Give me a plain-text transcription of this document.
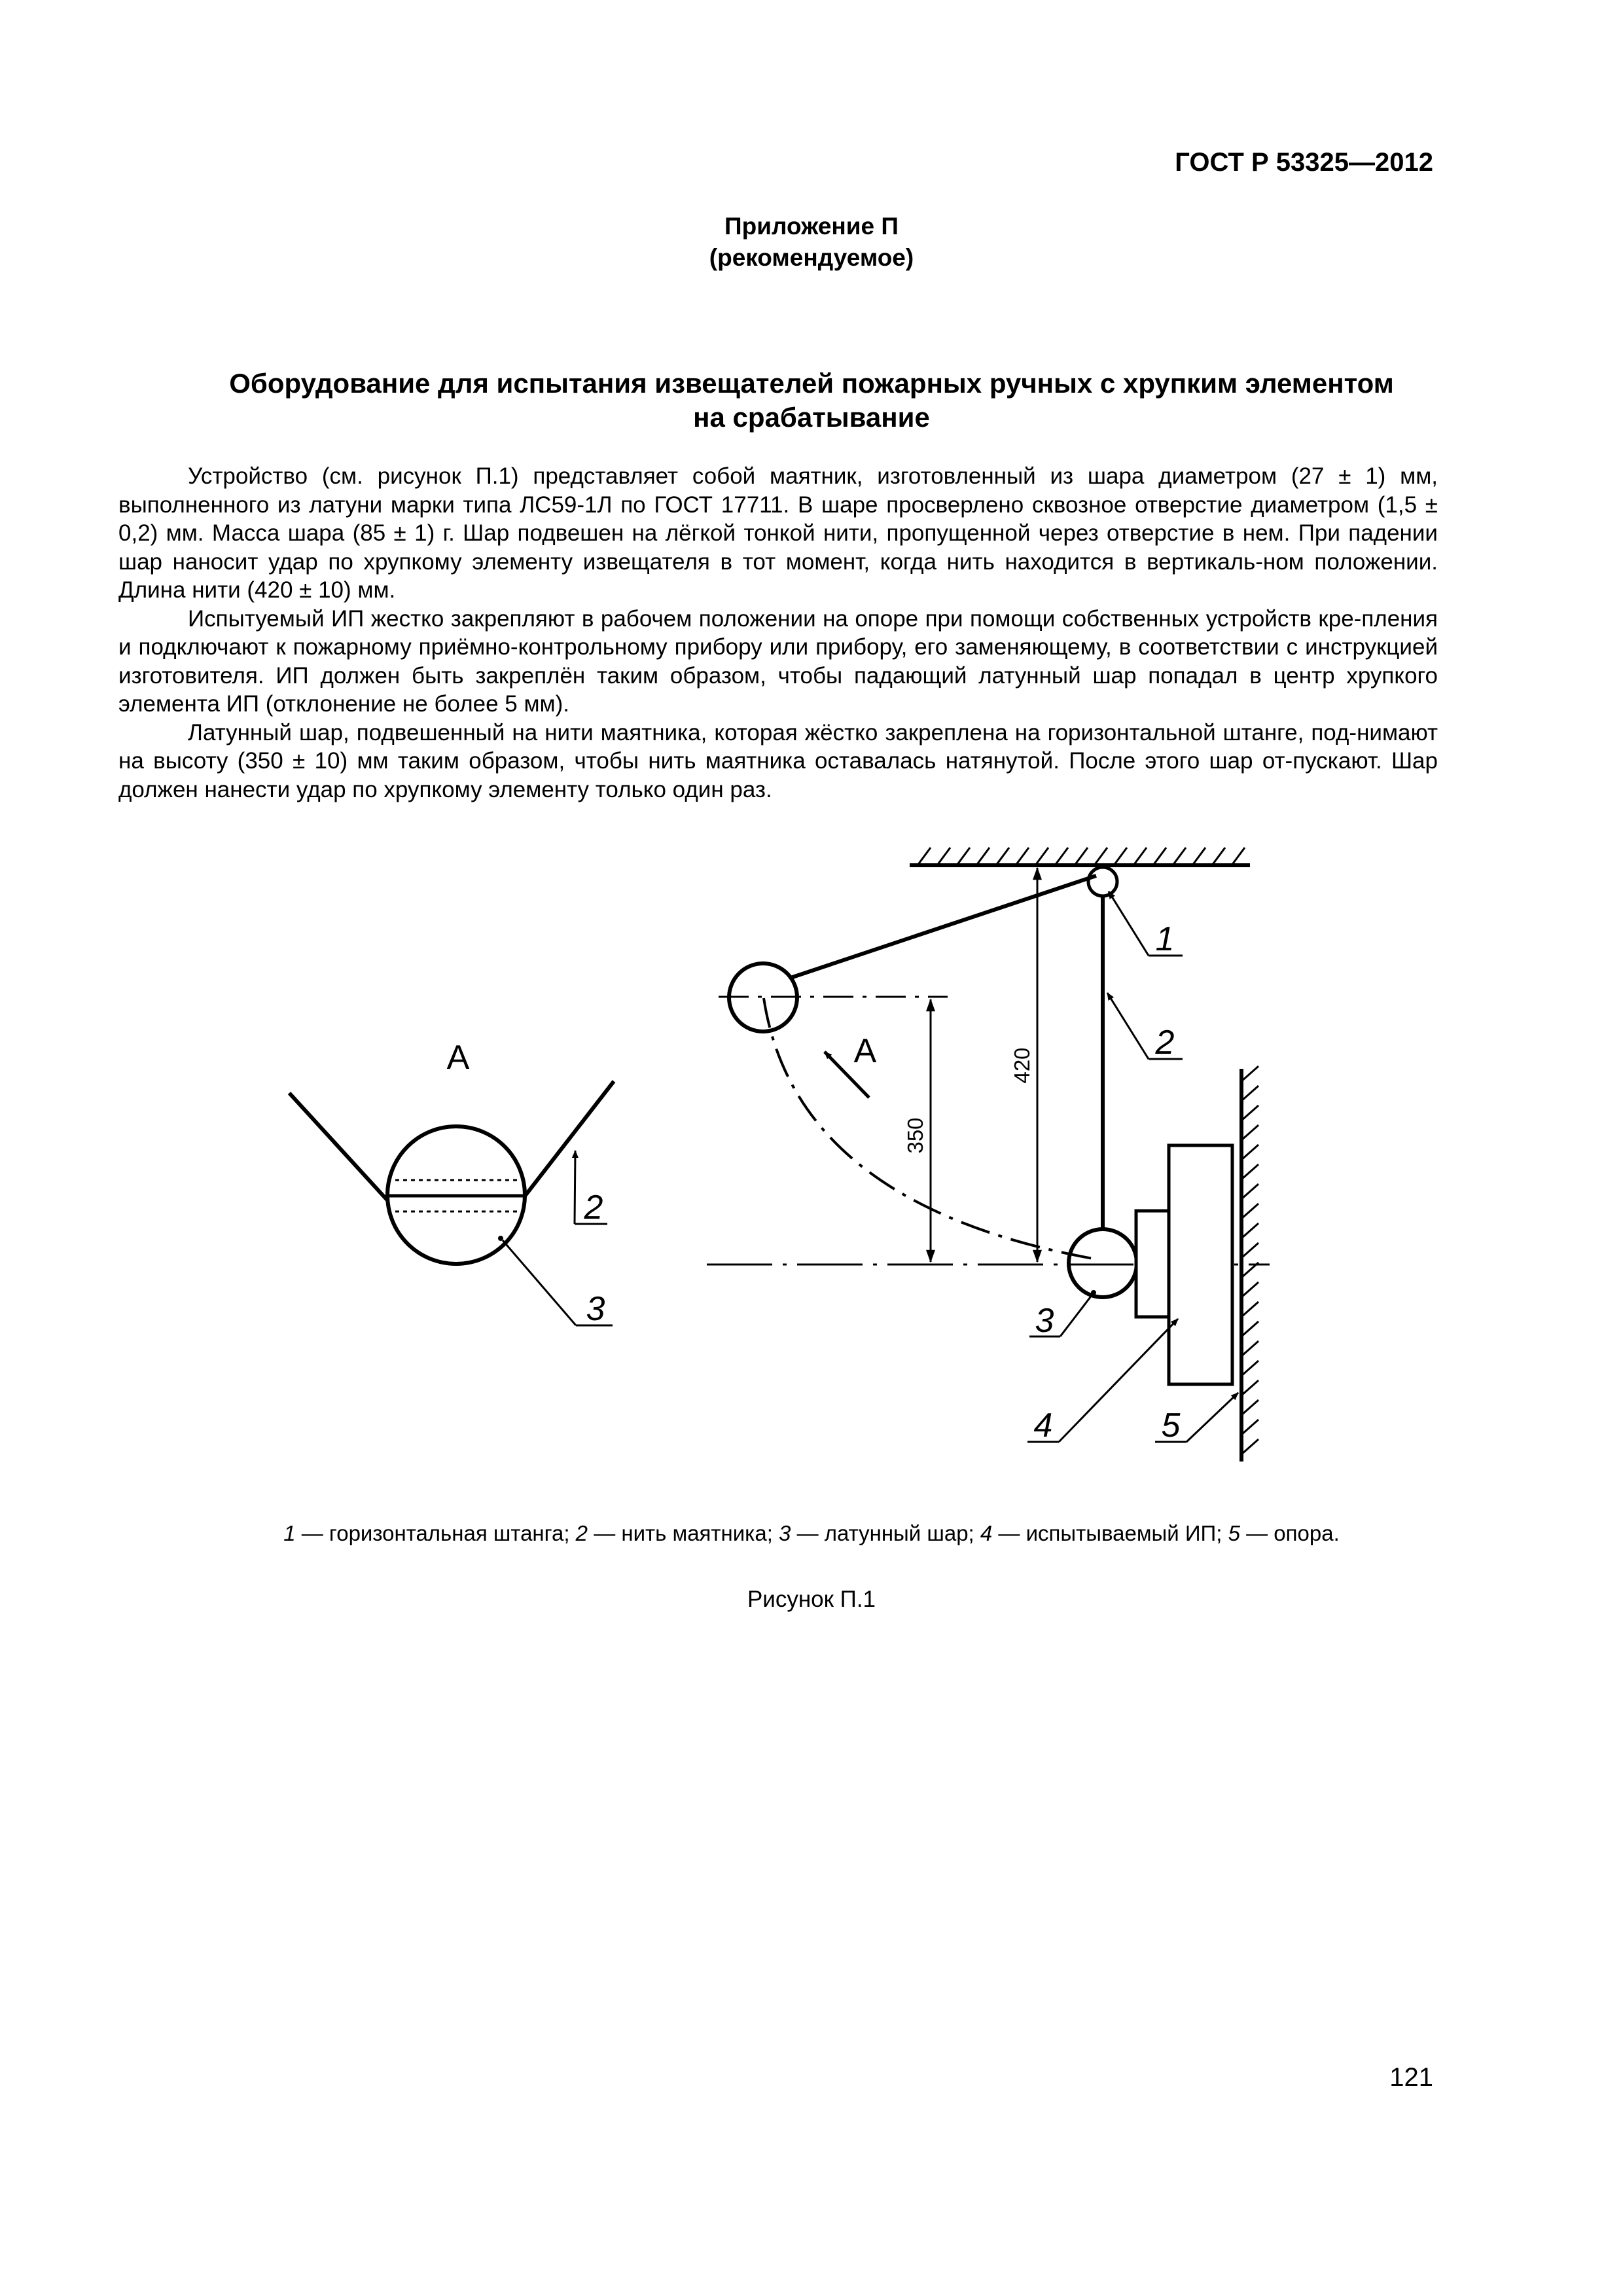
ГОСТ Р 53325—2012
Приложение П
(рекомендуемое)
Оборудование для испытания извещателей пожарных ручных с хрупким элементом
на срабатывание

Устройство (см. рисунок П.1) представляет собой маятник, изготовленный из шара диаметром (27 ± 1) мм, выполненного из латуни марки типа ЛС59-1Л по ГОСТ 17711. В шаре просверлено сквозное отверстие диаметром (1,5 ± 0,2) мм. Масса шара (85 ± 1) г. Шар подвешен на лёгкой тонкой нити, пропущенной через отверстие в нем. При падении шар наносит удар по хрупкому элементу извещателя в тот момент, когда нить находится в вертикаль-ном положении. Длина нити (420 ± 10) мм.

Испытуемый ИП жестко закрепляют в рабочем положении на опоре при помощи собственных устройств кре-пления и подключают к пожарному приёмно-контрольному прибору или прибору, его заменяющему, в соответствии с инструкцией изготовителя. ИП должен быть закреплён таким образом, чтобы падающий латунный шар попадал в центр хрупкого элемента ИП (отклонение не более 5 мм).

Латунный шар, подвешенный на нити маятника, которая жёстко закреплена на горизонтальной штанге, под-нимают на высоту (350 ± 10) мм таким образом, чтобы нить маятника оставалась натянутой. После этого шар от-пускают. Шар должен нанести удар по хрупкому элементу только один раз.

А
2
3
350
420
А
1
2
3
4	5
1 — горизонтальная штанга; 2 — нить маятника; 3 — латунный шар; 4 — испытываемый ИП; 5 — опора.
Рисунок П.1
121
